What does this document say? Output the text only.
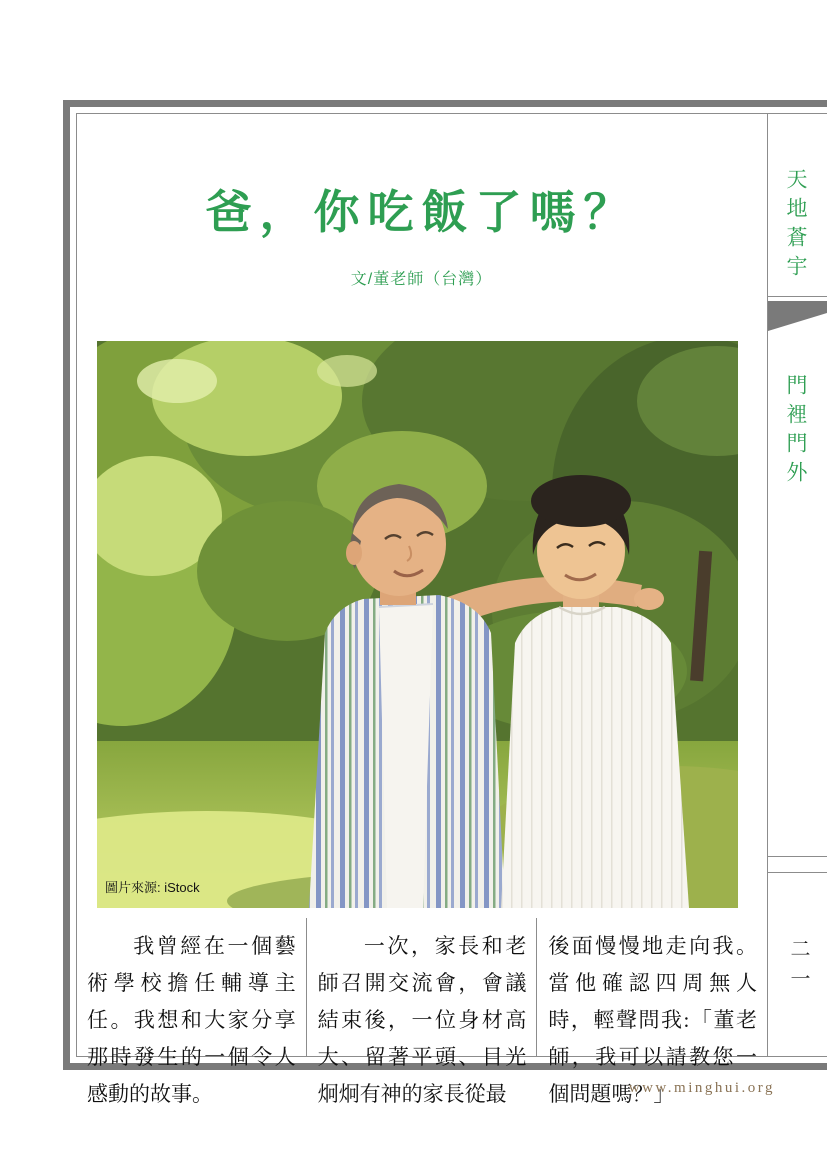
天地蒼宇
門裡門外
二一
爸，你吃飯了嗎？
文/董老師（台灣）
圖片來源: iStock
我曾經在一個藝術學校擔任輔導主任。我想和大家分享那時發生的一個令人感動的故事。
一次，家長和老師召開交流會，會議結束後，一位身材高大、留著平頭、目光炯炯有神的家長從最
後面慢慢地走向我。當他確認四周無人時，輕聲問我:「董老師，我可以請教您一個問題嗎？」
www.minghui.org
